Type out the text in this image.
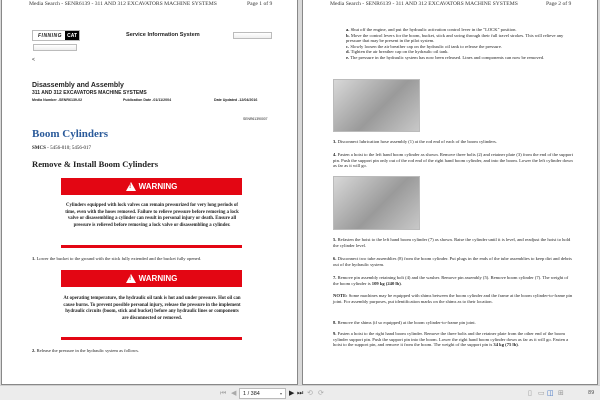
Media Search - SENR6139 - 311 AND 312 EXCAVATORS MACHINE SYSTEMS	Page 1 of 9
FINNING	CAT	Service Information System
<
Disassembly and Assembly
311 AND 312 EXCAVATORS MACHINE SYSTEMS
Media Number -SENR6139-02	Publication Date -01/11/2004	Date Updated -12/04/2016
SENR61390007
Boom Cylinders
SMCS - 5456-010; 5456-017
Remove & Install Boom Cylinders
!
WARNING
Cylinders equipped with lock valves can remain pressurized for very long periods of time, even with the hoses removed. Failure to relieve pressure before removing a lock valve or disassembling a cylinder can result in personal injury or death. Ensure all pressure is relieved before removing a lock valve or disassembling a cylinder.
1. Lower the bucket to the ground with the stick fully extended and the bucket fully opened.
!
WARNING
At operating temperature, the hydraulic oil tank is hot and under pressure. Hot oil can cause burns. To prevent possible personal injury, release the pressure in the implement hydraulic circuits (boom, stick and bucket) before any hydraulic lines or components are disconnected or removed.
2. Release the pressure in the hydraulic system as follows.
Media Search - SENR6139 - 311 AND 312 EXCAVATORS MACHINE SYSTEMS	Page 2 of 9
a. Shut off the engine, and put the hydraulic activation control lever in the "LOCK" position.
b. Move the control levers for the boom, bucket, stick and swing through their full travel strokes. This will relieve any pressure that may be present in the pilot system.
c. Slowly loosen the air breather cap on the hydraulic oil tank to release the pressure.
d. Tighten the air breather cap on the hydraulic oil tank.
e. The pressure in the hydraulic system has now been released. Lines and components can now be removed.
3. Disconnect lubrication hose assembly (1) at the rod end of each of the boom cylinders.
4. Fasten a hoist to the left hand boom cylinder as shown. Remove three bolts (2) and retainer plate (3) from the end of the support pin. Push the support pin only out of the rod end of the right hand boom cylinder, and into the boom. Lower the left cylinder down as far as it will go.
5. Refasten the hoist to the left hand boom cylinder (7) as shown. Raise the cylinder until it is level, and readjust the hoist to hold the cylinder level.
6. Disconnect two tube assemblies (8) from the boom cylinder. Put plugs in the ends of the tube assemblies to keep dirt and debris out of the hydraulic system.
7. Remove pin assembly retaining bolt (4) and the washer. Remove pin assembly (5). Remove boom cylinder (7). The weight of the boom cylinder is 109 kg (240 lb).
NOTE: Some machines may be equipped with shims between the boom cylinder and the frame at the boom cylinder-to-frame pin joint. For assembly purposes, put identification marks on the shims as to their location.
8. Remove the shims (if so equipped) at the boom cylinder-to-frame pin joint.
9. Fasten a hoist to the right hand boom cylinder. Remove the three bolts and the retainer plate from the other end of the boom cylinder support pin. Push the support pin into the boom. Lower the right hand boom cylinder down as far as it will go. Fasten a hoist to the support pin, and remove it from the boom. The weight of the support pin is 34 kg (75 lb).
⏮ ◀ 1 / 384	▾ ▶ ⏭ ⟲ ⟳	▯ ▭ ◫ ⊞	89
